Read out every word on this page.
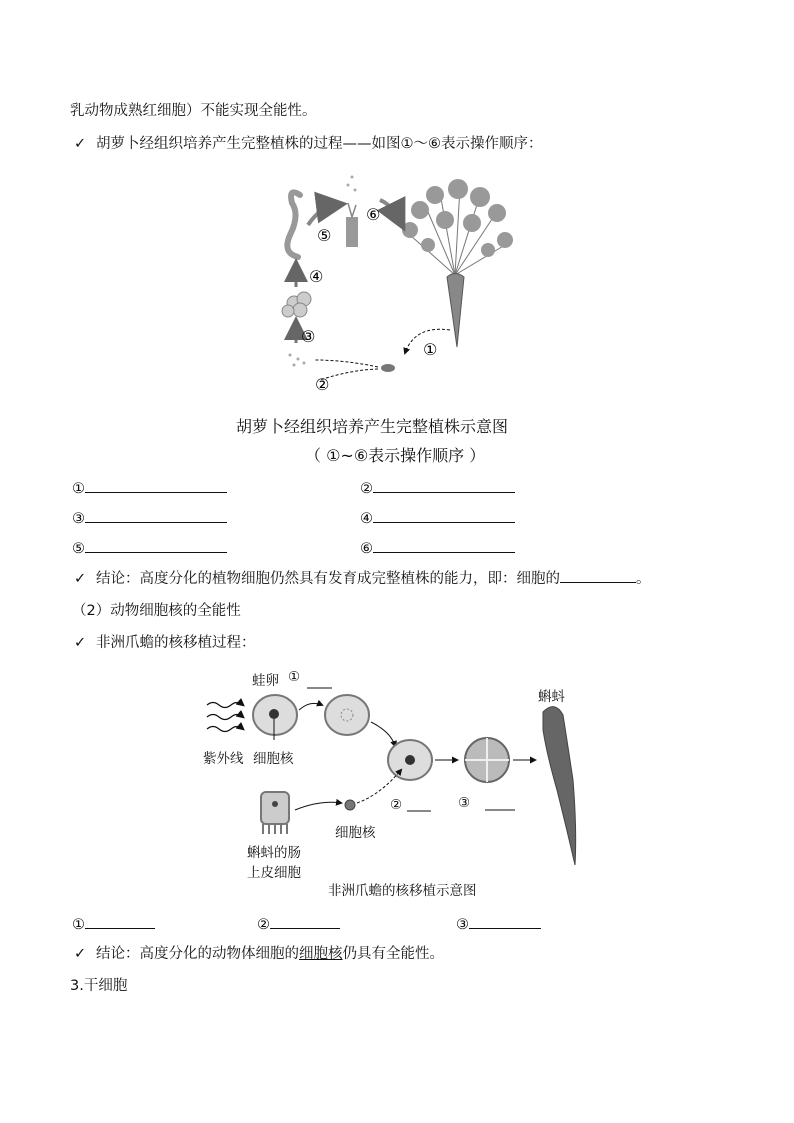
乳动物成熟红细胞）不能实现全能性。
✓ 胡萝卜经组织培养产生完整植株的过程——如图①～⑥表示操作顺序：
⑤
④
③
②
①
⑥
胡萝卜经组织培养产生完整植株示意图
（ ①~⑥表示操作顺序 ）
①	②
③	④
⑤	⑥
✓ 结论：高度分化的植物细胞仍然具有发育成完整植株的能力，即：细胞的	。
（2）动物细胞核的全能性
✓ 非洲爪蟾的核移植过程：
蛙卵 ①
蝌蚪
紫外线 细胞核
②	③
细胞核
蝌蚪的肠
上皮细胞
非洲爪蟾的核移植示意图
①	②	③
✓ 结论：高度分化的动物体细胞的细胞核仍具有全能性。
3.干细胞
